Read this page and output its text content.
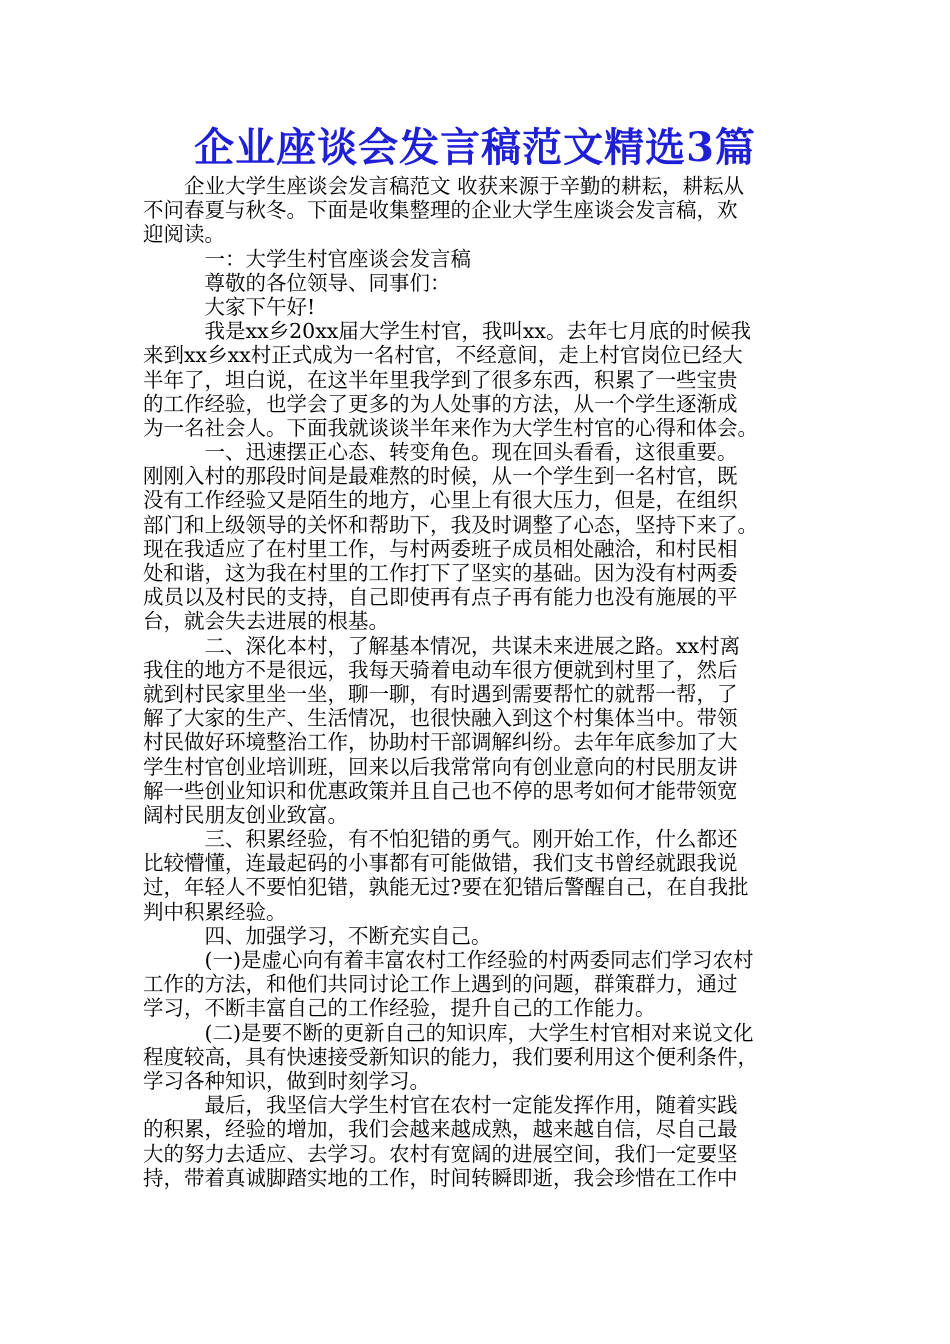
企业座谈会发言稿范文精选3篇
　　企业大学生座谈会发言稿范文 收获来源于辛勤的耕耘，耕耘从
不问春夏与秋冬。下面是收集整理的企业大学生座谈会发言稿，欢
迎阅读。
　　　一：大学生村官座谈会发言稿
　　　尊敬的各位领导、同事们：
　　　大家下午好!
　　　我是xx乡20xx届大学生村官，我叫xx。去年七月底的时候我
来到xx乡xx村正式成为一名村官，不经意间，走上村官岗位已经大
半年了，坦白说，在这半年里我学到了很多东西，积累了一些宝贵
的工作经验，也学会了更多的为人处事的方法，从一个学生逐渐成
为一名社会人。下面我就谈谈半年来作为大学生村官的心得和体会。
　　　一、迅速摆正心态、转变角色。现在回头看看，这很重要。
刚刚入村的那段时间是最难熬的时候，从一个学生到一名村官，既
没有工作经验又是陌生的地方，心里上有很大压力，但是，在组织
部门和上级领导的关怀和帮助下，我及时调整了心态，坚持下来了。
现在我适应了在村里工作，与村两委班子成员相处融洽，和村民相
处和谐，这为我在村里的工作打下了坚实的基础。因为没有村两委
成员以及村民的支持，自己即使再有点子再有能力也没有施展的平
台，就会失去进展的根基。
　　　二、深化本村，了解基本情况，共谋未来进展之路。xx村离
我住的地方不是很远，我每天骑着电动车很方便就到村里了，然后
就到村民家里坐一坐，聊一聊，有时遇到需要帮忙的就帮一帮，了
解了大家的生产、生活情况，也很快融入到这个村集体当中。带领
村民做好环境整治工作，协助村干部调解纠纷。去年年底参加了大
学生村官创业培训班，回来以后我常常向有创业意向的村民朋友讲
解一些创业知识和优惠政策并且自己也不停的思考如何才能带领宽
阔村民朋友创业致富。
　　　三、积累经验，有不怕犯错的勇气。刚开始工作，什么都还
比较懵懂，连最起码的小事都有可能做错，我们支书曾经就跟我说
过，年轻人不要怕犯错，孰能无过?要在犯错后警醒自己，在自我批
判中积累经验。
　　　四、加强学习，不断充实自己。
　　　(一)是虚心向有着丰富农村工作经验的村两委同志们学习农村
工作的方法，和他们共同讨论工作上遇到的问题，群策群力，通过
学习，不断丰富自己的工作经验，提升自己的工作能力。
　　　(二)是要不断的更新自己的知识库，大学生村官相对来说文化
程度较高，具有快速接受新知识的能力，我们要利用这个便利条件，
学习各种知识，做到时刻学习。
　　　最后，我坚信大学生村官在农村一定能发挥作用，随着实践
的积累，经验的增加，我们会越来越成熟，越来越自信，尽自己最
大的努力去适应、去学习。农村有宽阔的进展空间，我们一定要坚
持，带着真诚脚踏实地的工作，时间转瞬即逝，我会珍惜在工作中
